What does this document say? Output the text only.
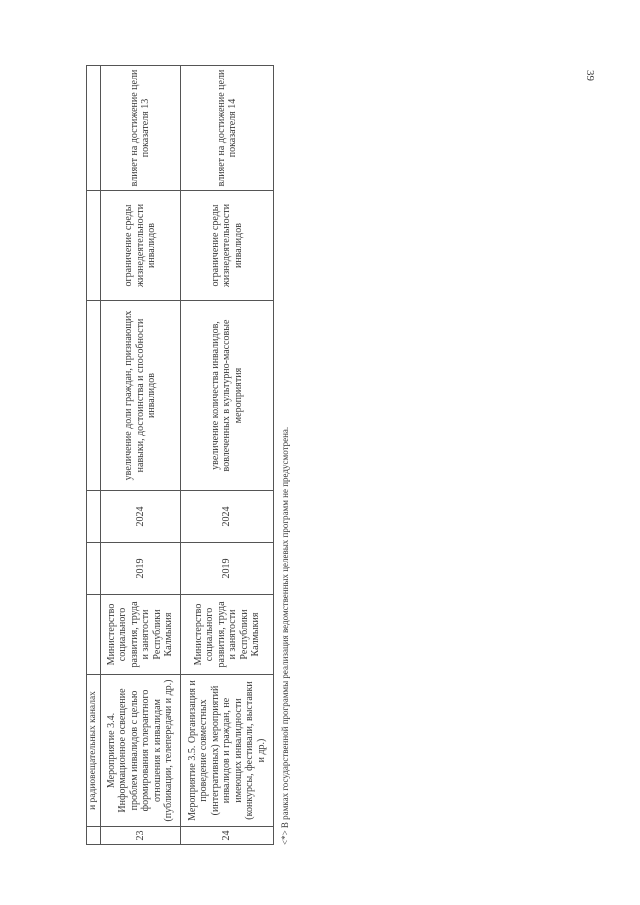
39
	и радиовещательных каналах						
23	Мероприятие 3.4. Информационное освещение проблем инвалидов с целью формирования толерантного отношения к инвалидам (публикации, телепередачи и др.)	Министерство социального развития, труда и занятости Республики Калмыкия	2019	2024	увеличение доли граждан, признающих навыки, достоинства и способности инвалидов	ограничение среды жизнедеятельности инвалидов	влияет на достижение цели показателя 13
24	Мероприятие 3.5. Организация и проведение совместных (интегративных) мероприятий инвалидов и граждан, не имеющих инвалидности (конкурсы, фестивали, выставки и др.)	Министерство социального развития, труда и занятости Республики Калмыкия	2019	2024	увеличение количества инвалидов, вовлеченных в культурно-массовые мероприятия	ограничение среды жизнедеятельности инвалидов	влияет на достижение цели показателя 14
<*> В рамках государственной программы реализация ведомственных целевых программ не предусмотрена.
